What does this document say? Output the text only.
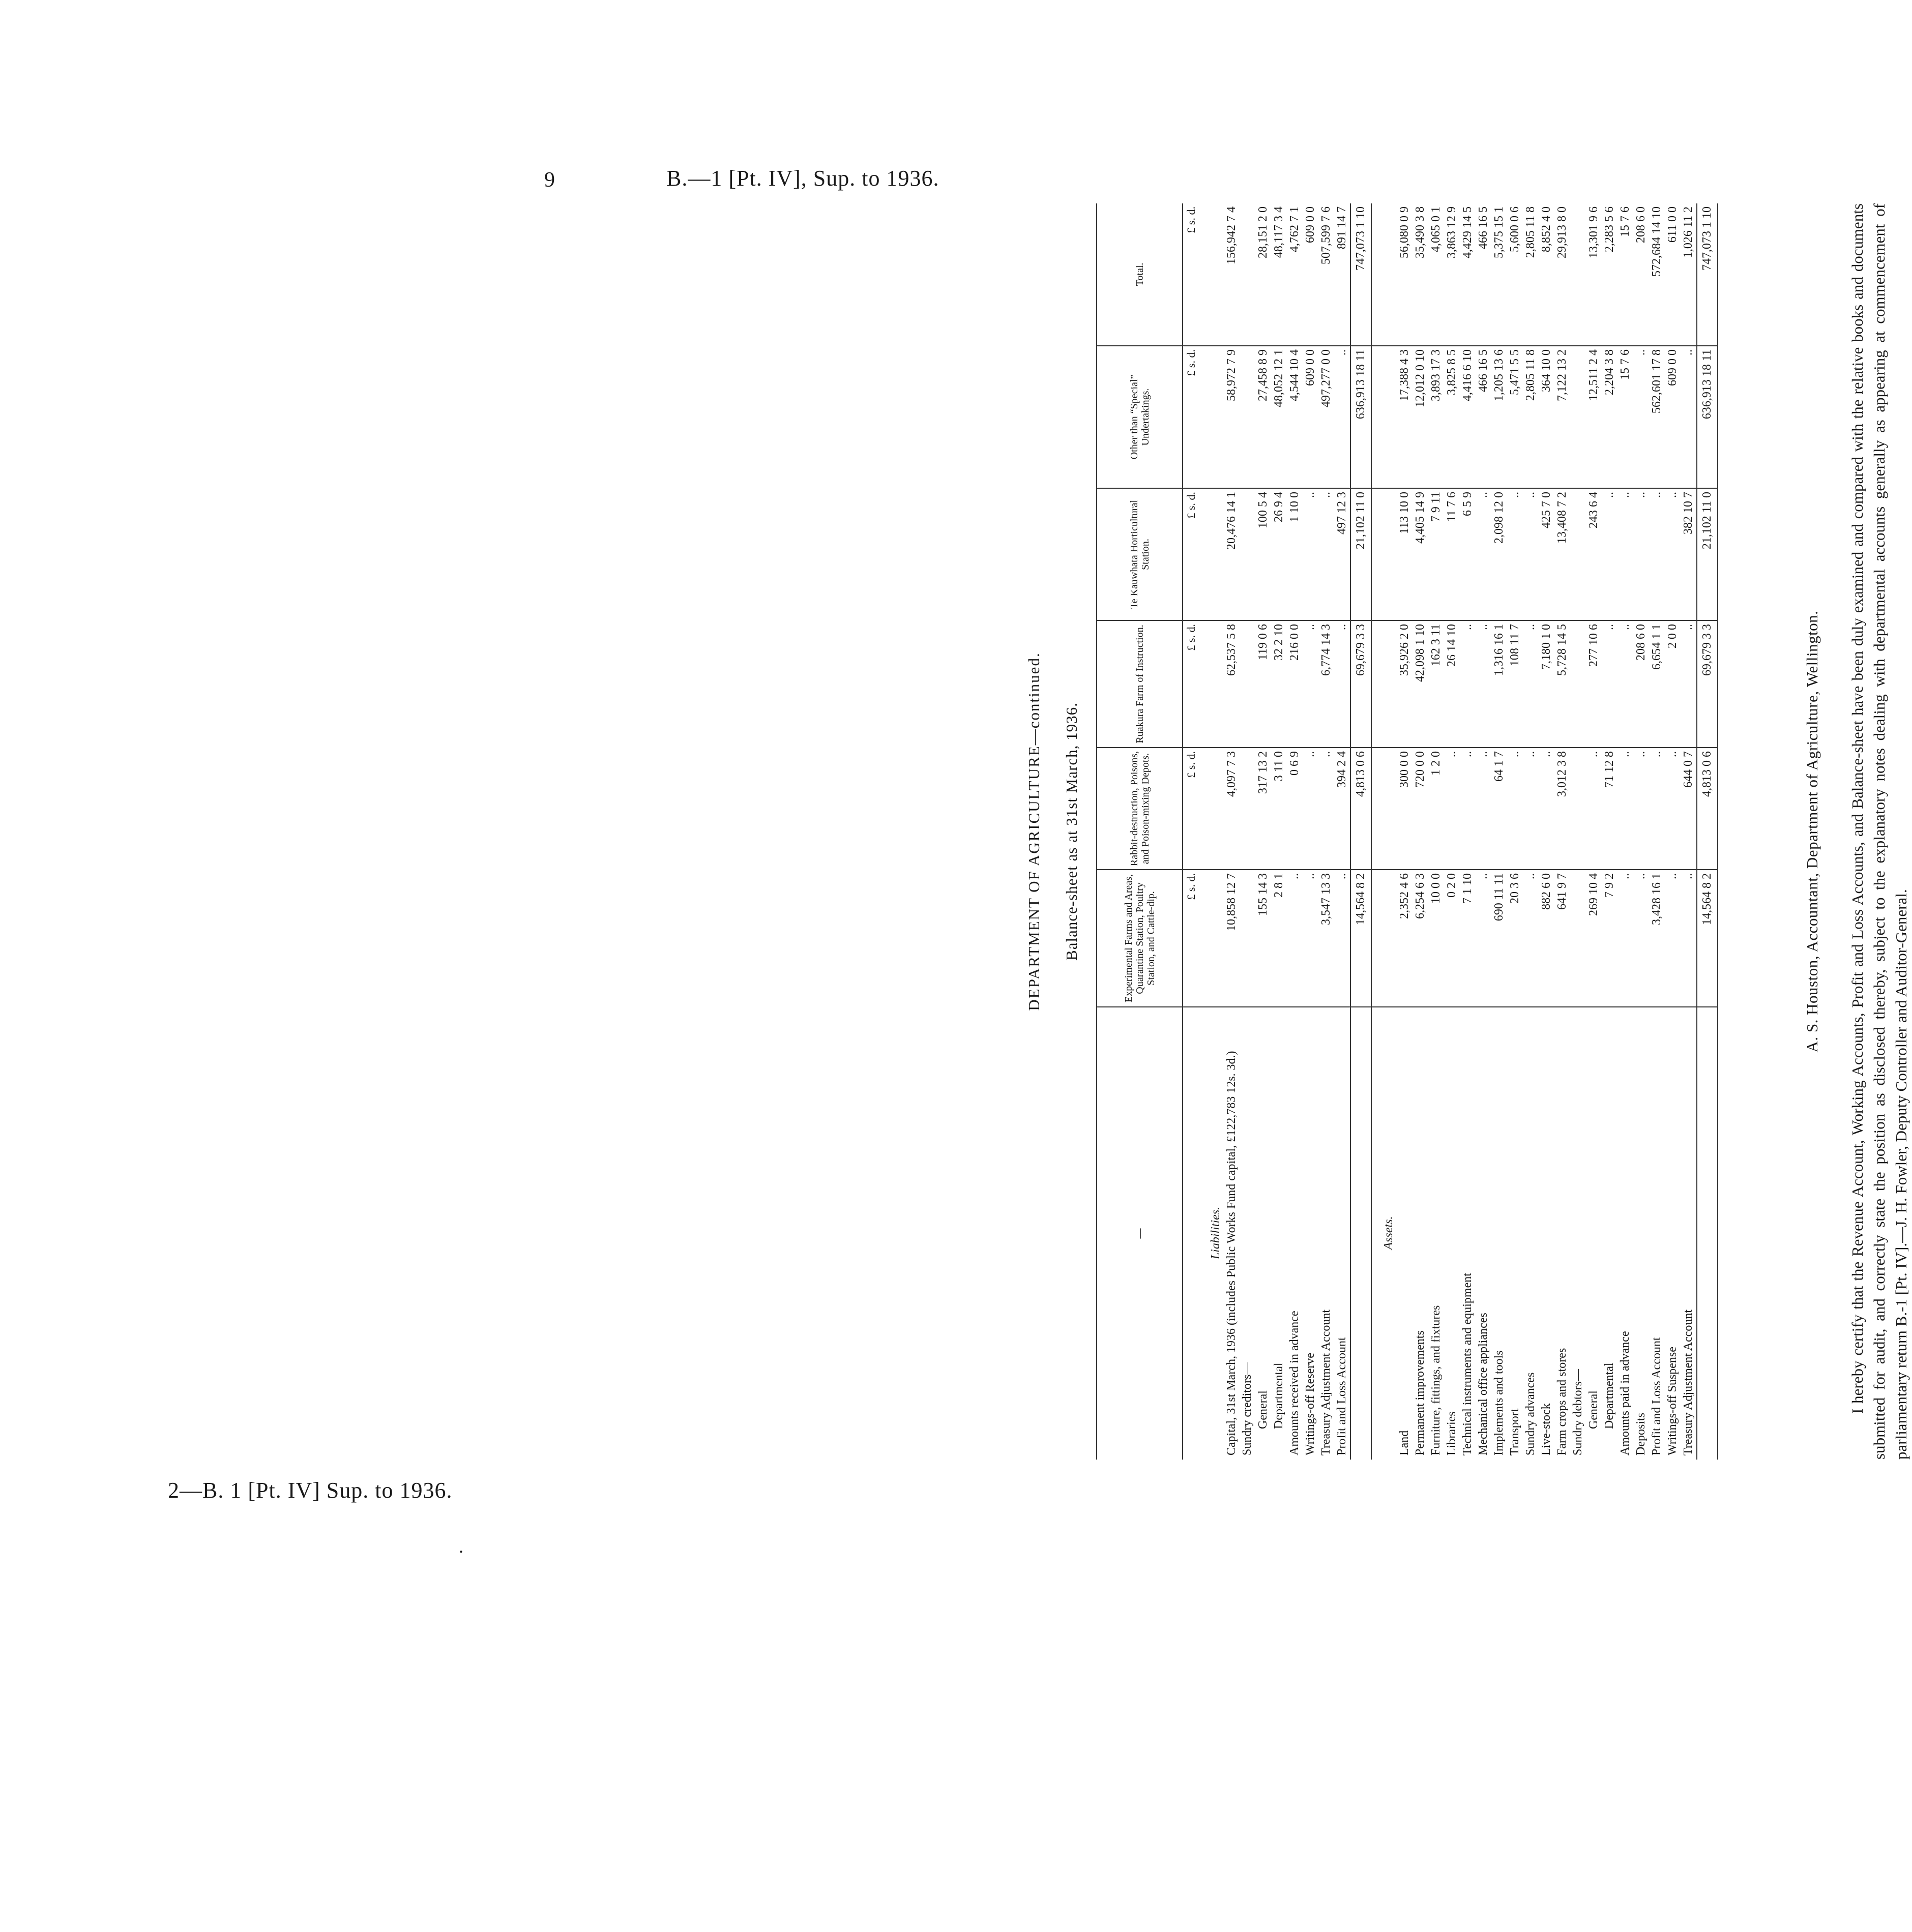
9	B.—1 [Pt. IV], Sup. to 1936.
2—B. 1 [Pt. IV] Sup. to 1936.
.
DEPARTMENT OF AGRICULTURE—continued. Balance-sheet as at 31st March, 1936.
—	Experimental Farms and Areas, Quarantine Station, Poultry Station, and Cattle-dip.	Rabbit-destruction, Poisons, and Poison-mixing Depots.	Ruakura Farm of Instruction.	Te Kauwhata Horticultural Station.	Other than “Special” Undertakings.	Total.
	£ s. d.	£ s. d.	£ s. d.	£ s. d.	£ s. d.	£ s. d.
Liabilities.						
Capital, 31st March, 1936 (includes Public Works Fund capital, £122,783 12s. 3d.)	10,858 12 7	4,097 7 3	62,537 5 8	20,476 14 1	58,972 7 9	156,942 7 4
Sundry creditors—						
General	155 14 3	317 13 2	119 0 6	100 5 4	27,458 8 9	28,151 2 0
Departmental	2 8 1	3 11 0	32 2 10	26 9 4	48,052 12 1	48,117 3 4
Amounts received in advance	..	0 6 9	216 0 0	1 10 0	4,544 10 4	4,762 7 1
Writings-off Reserve	..	..	..	..	609 0 0	609 0 0
Treasury Adjustment Account	3,547 13 3	..	6,774 14 3	..	497,277 0 0	507,599 7 6
Profit and Loss Account	..	394 2 4	..	497 12 3	..	891 14 7
	14,564 8 2	4,813 0 6	69,679 3 3	21,102 11 0	636,913 18 11	747,073 1 10
Assets.						
Land	2,352 4 6	300 0 0	35,926 2 0	113 10 0	17,388 4 3	56,080 0 9
Permanent improvements	6,254 6 3	720 0 0	42,098 1 10	4,405 14 9	12,012 0 10	35,490 3 8
Furniture, fittings, and fixtures	10 0 0	1 2 0	162 3 11	7 9 11	3,893 17 3	4,065 0 1
Libraries	0 2 0	..	26 14 10	11 7 6	3,825 8 5	3,863 12 9
Technical instruments and equipment	7 1 10	..	..	6 5 9	4,416 6 10	4,429 14 5
Mechanical office appliances	..	..	..	..	466 16 5	466 16 5
Implements and tools	690 11 11	64 1 7	1,316 16 1	2,098 12 0	1,205 13 6	5,375 15 1
Transport	20 3 6	..	108 11 7	..	5,471 5 5	5,600 0 6
Sundry advances	..	..	..	..	2,805 11 8	2,805 11 8
Live-stock	882 6 0	..	7,180 1 0	425 7 0	364 10 0	8,852 4 0
Farm crops and stores	641 9 7	3,012 3 8	5,728 14 5	13,408 7 2	7,122 13 2	29,913 8 0
Sundry debtors—						
General	269 10 4	..	277 10 6	243 6 4	12,511 2 4	13,301 9 6
Departmental	7 9 2	71 12 8	..	..	2,204 3 8	2,283 5 6
Amounts paid in advance	..	..	..	..	15 7 6	15 7 6
Deposits	..	..	208 6 0	..	..	208 6 0
Profit and Loss Account	3,428 16 1	..	6,654 1 1	..	562,601 17 8	572,684 14 10
Writings-off Suspense	..	..	2 0 0	..	609 0 0	611 0 0
Treasury Adjustment Account	..	644 0 7	..	382 10 7	..	1,026 11 2
	14,564 8 2	4,813 0 6	69,679 3 3	21,102 11 0	636,913 18 11	747,073 1 10
A. S. Houston, Accountant, Department of Agriculture, Wellington. I hereby certify that the Revenue Account, Working Accounts, Profit and Loss Accounts, and Balance-sheet have been duly examined and compared with the relative books and documents submitted for audit, and correctly state the position as disclosed thereby, subject to the explanatory notes dealing with departmental accounts generally as appearing at commencement of parliamentary return B.-1 [Pt. IV].—J. H. Fowler, Deputy Controller and Auditor-General.
